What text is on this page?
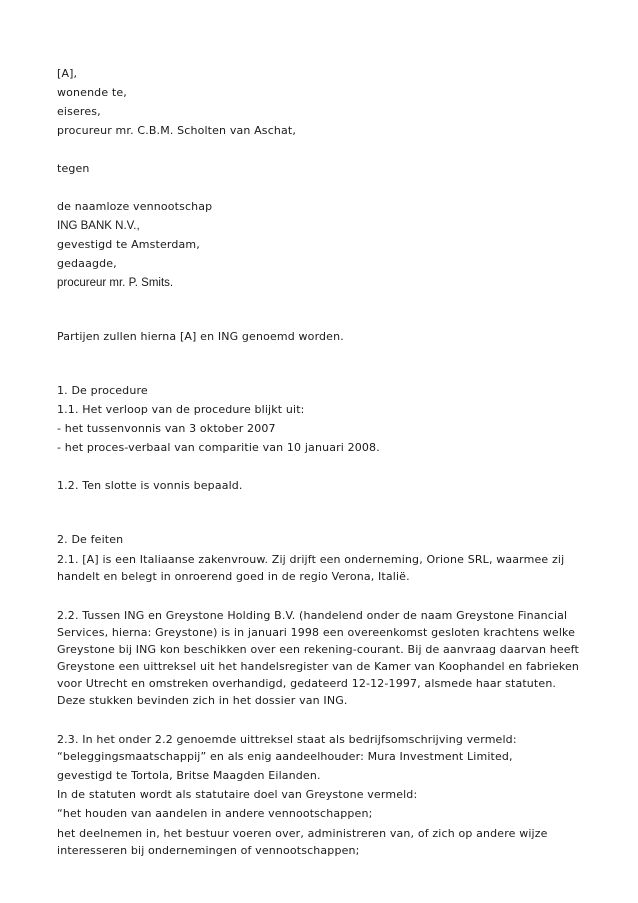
[A],
wonende te,
eiseres,
procureur mr. C.B.M. Scholten van Aschat,
tegen
de naamloze vennootschap
ING BANK N.V.,
gevestigd te Amsterdam,
gedaagde,
procureur mr. P. Smits.
Partijen zullen hierna [A] en ING genoemd worden.
1. De procedure
1.1. Het verloop van de procedure blijkt uit:
- het tussenvonnis van 3 oktober 2007
- het proces-verbaal van comparitie van 10 januari 2008.
1.2. Ten slotte is vonnis bepaald.
2. De feiten
2.1. [A] is een Italiaanse zakenvrouw. Zij drijft een onderneming, Orione SRL, waarmee zij handelt en belegt in onroerend goed in de regio Verona, Italië.
2.2. Tussen ING en Greystone Holding B.V. (handelend onder de naam Greystone Financial Services, hierna: Greystone) is in januari 1998 een overeenkomst gesloten krachtens welke Greystone bij ING kon beschikken over een rekening-courant. Bij de aanvraag daarvan heeft Greystone een uittreksel uit het handelsregister van de Kamer van Koophandel en fabrieken voor Utrecht en omstreken overhandigd, gedateerd 12-12-1997, alsmede haar statuten. Deze stukken bevinden zich in het dossier van ING.
2.3. In het onder 2.2 genoemde uittreksel staat als bedrijfsomschrijving vermeld: “beleggingsmaatschappij” en als enig aandeelhouder: Mura Investment Limited,
gevestigd te Tortola, Britse Maagden Eilanden.
In de statuten wordt als statutaire doel van Greystone vermeld:
“het houden van aandelen in andere vennootschappen;
het deelnemen in, het bestuur voeren over, administreren van, of zich op andere wijze interesseren bij ondernemingen of vennootschappen;
